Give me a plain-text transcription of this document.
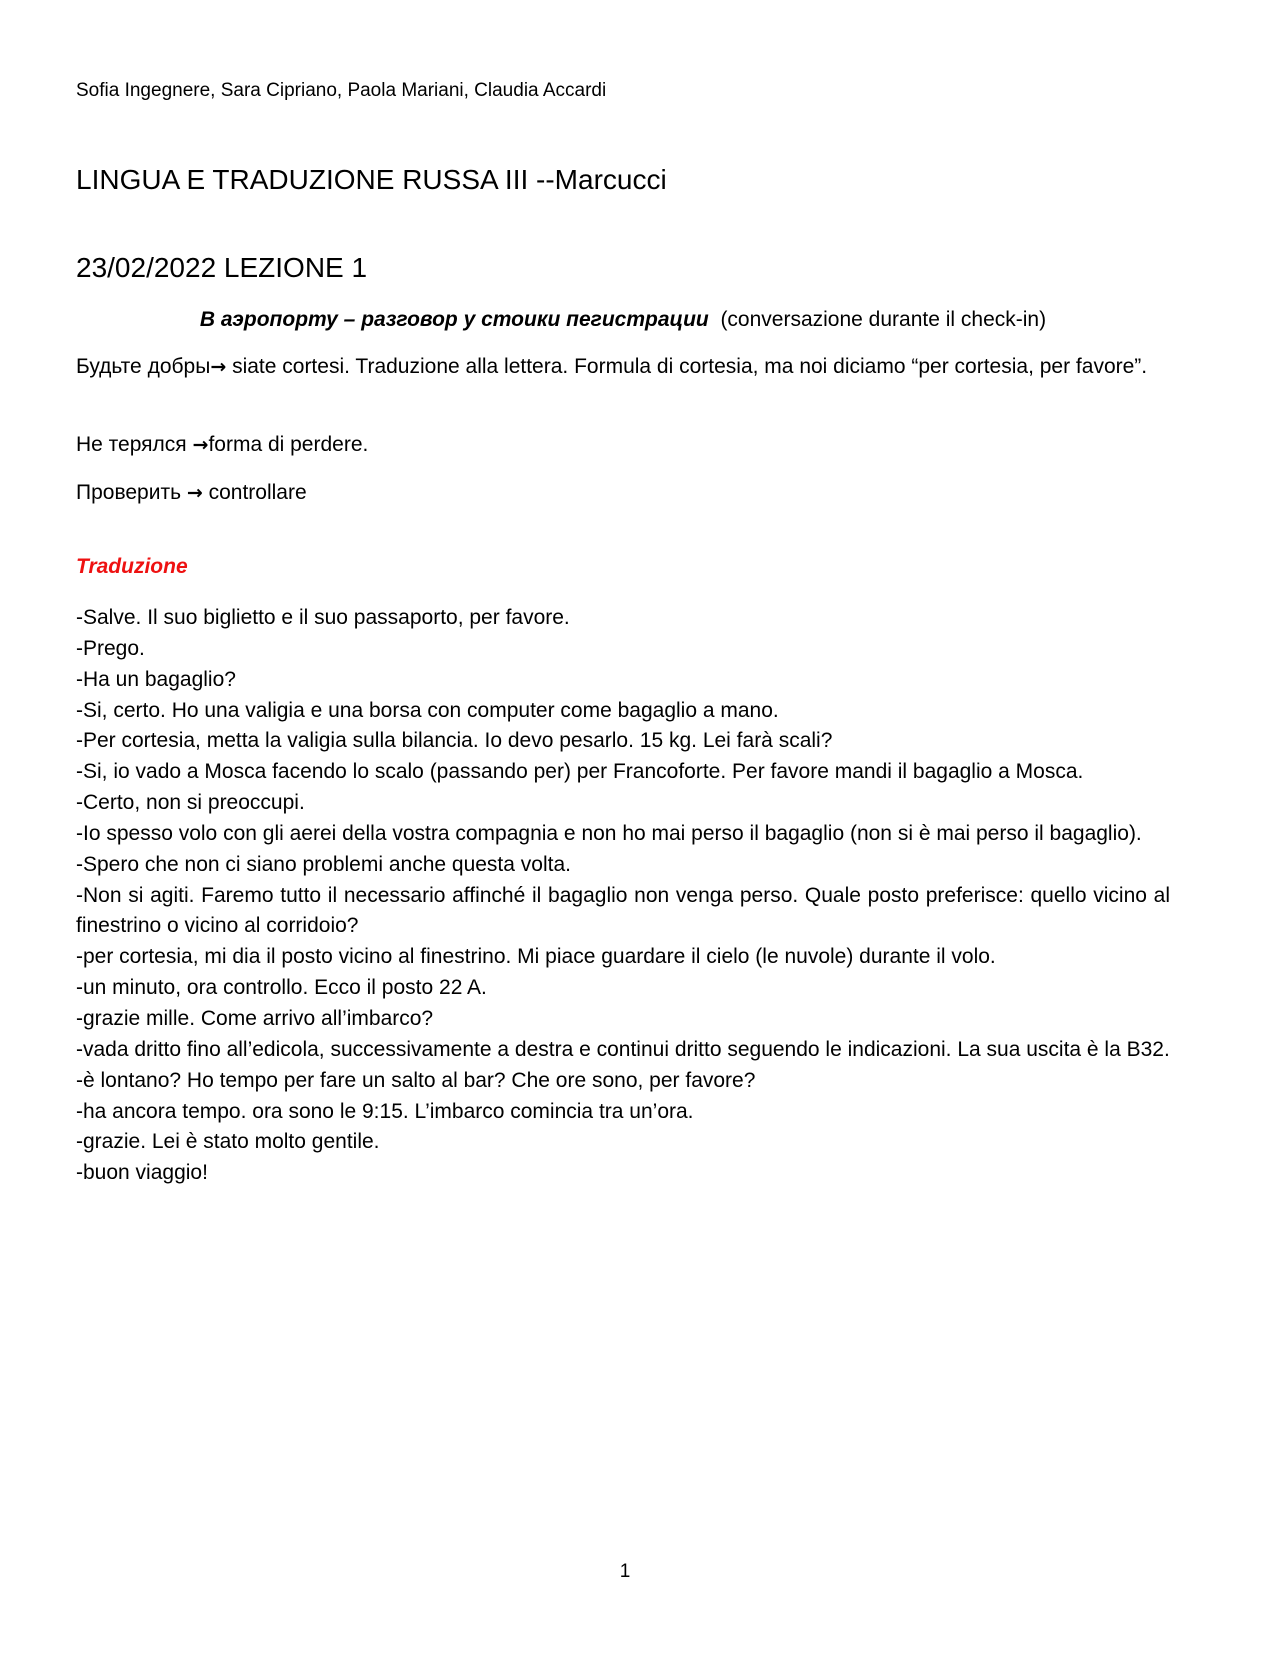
Sofia Ingegnere, Sara Cipriano, Paola Mariani, Claudia Accardi
LINGUA E TRADUZIONE RUSSA III --Marcucci
23/02/2022 LEZIONE 1
В аэропорту – разговор у стоики пегистрации (conversazione durante il check-in)
Будьте добры→ siate cortesi. Traduzione alla lettera. Formula di cortesia, ma noi diciamo “per cortesia, per favore”.
Не терялся →forma di perdere.
Проверить → controllare
Traduzione

-Salve. Il suo biglietto e il suo passaporto, per favore.

-Prego.

-Ha un bagaglio?

-Si, certo. Ho una valigia e una borsa con computer come bagaglio a mano.

-Per cortesia, metta la valigia sulla bilancia. Io devo pesarlo. 15 kg. Lei farà scali?

-Si, io vado a Mosca facendo lo scalo (passando per) per Francoforte. Per favore mandi il bagaglio a Mosca.

-Certo, non si preoccupi.

-Io spesso volo con gli aerei della vostra compagnia e non ho mai perso il bagaglio (non si è mai perso il bagaglio).

-Spero che non ci siano problemi anche questa volta.

-Non si agiti. Faremo tutto il necessario affinché il bagaglio non venga perso. Quale posto preferisce: quello vicino al finestrino o vicino al corridoio?

-per cortesia, mi dia il posto vicino al finestrino. Mi piace guardare il cielo (le nuvole) durante il volo.

-un minuto, ora controllo. Ecco il posto 22 A.

-grazie mille. Come arrivo all’imbarco?

-vada dritto fino all’edicola, successivamente a destra e continui dritto seguendo le indicazioni. La sua uscita è la B32.

-è lontano? Ho tempo per fare un salto al bar? Che ore sono, per favore?

-ha ancora tempo. ora sono le 9:15. L’imbarco comincia tra un’ora.

-grazie. Lei è stato molto gentile.

-buon viaggio!

1
